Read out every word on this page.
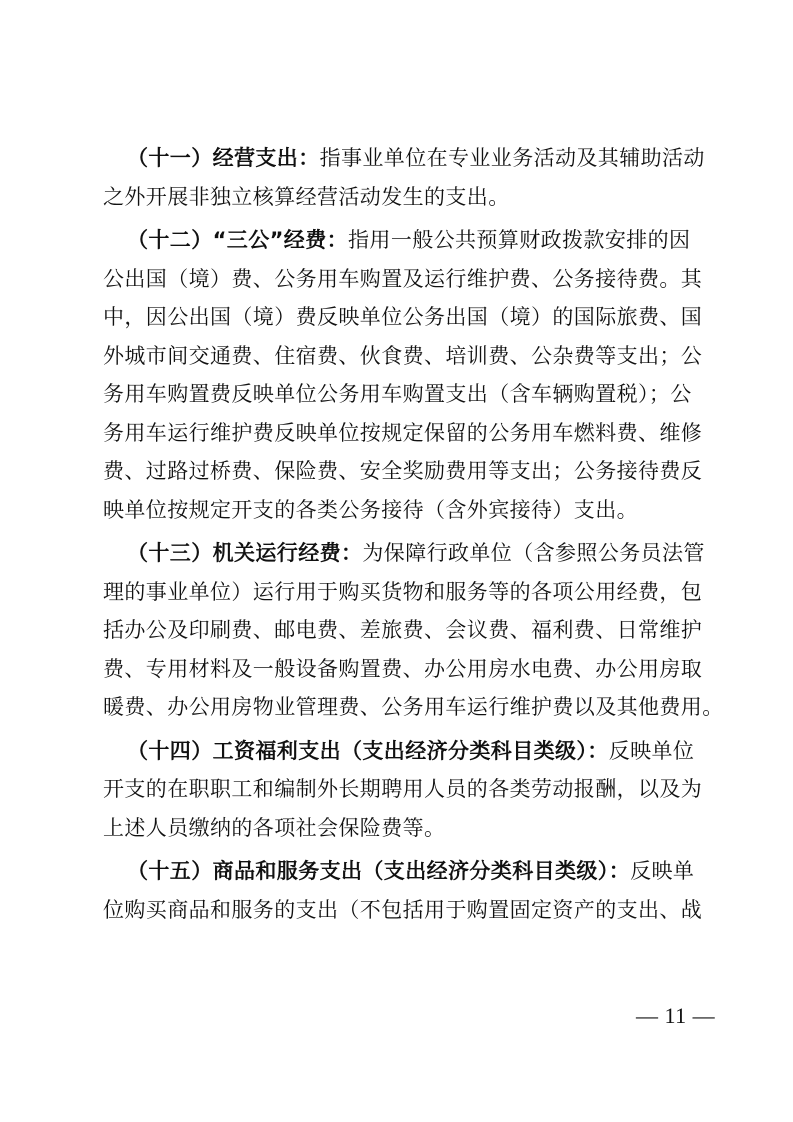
（十一）经营支出：指事业单位在专业业务活动及其辅助活动
之外开展非独立核算经营活动发生的支出。

（十二）“三公”经费：指用一般公共预算财政拨款安排的因
公出国（境）费、公务用车购置及运行维护费、公务接待费。其
中，因公出国（境）费反映单位公务出国（境）的国际旅费、国
外城市间交通费、住宿费、伙食费、培训费、公杂费等支出；公
务用车购置费反映单位公务用车购置支出（含车辆购置税）；公
务用车运行维护费反映单位按规定保留的公务用车燃料费、维修
费、过路过桥费、保险费、安全奖励费用等支出；公务接待费反
映单位按规定开支的各类公务接待（含外宾接待）支出。

（十三）机关运行经费：为保障行政单位（含参照公务员法管
理的事业单位）运行用于购买货物和服务等的各项公用经费，包
括办公及印刷费、邮电费、差旅费、会议费、福利费、日常维护
费、专用材料及一般设备购置费、办公用房水电费、办公用房取
暖费、办公用房物业管理费、公务用车运行维护费以及其他费用。

（十四）工资福利支出（支出经济分类科目类级）：反映单位
开支的在职职工和编制外长期聘用人员的各类劳动报酬，以及为
上述人员缴纳的各项社会保险费等。

（十五）商品和服务支出（支出经济分类科目类级）：反映单
位购买商品和服务的支出（不包括用于购置固定资产的支出、战

— 11 —
